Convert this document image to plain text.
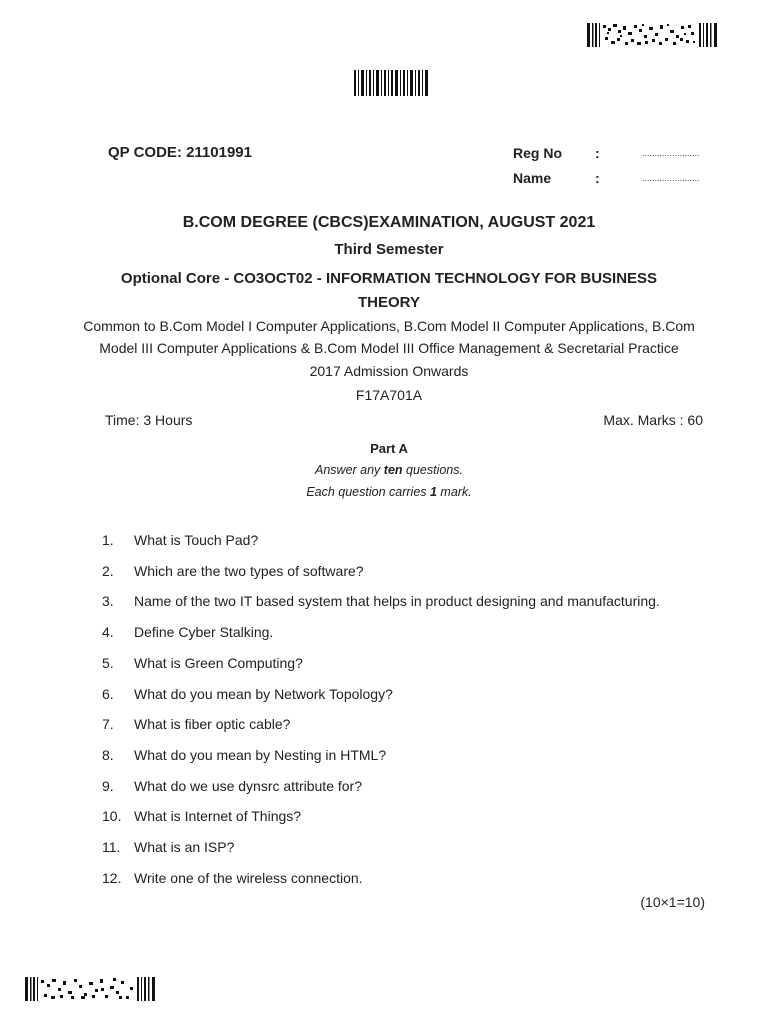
QP CODE: 21101991	Reg No :	.......................
Name	:	.......................
B.COM DEGREE (CBCS)EXAMINATION, AUGUST 2021
Third Semester
Optional Core - CO3OCT02 - INFORMATION TECHNOLOGY FOR BUSINESS
THEORY
Common to B.Com Model I Computer Applications, B.Com Model II Computer Applications, B.Com
Model III Computer Applications & B.Com Model III Office Management & Secretarial Practice
2017 Admission Onwards
F17A701A
Time: 3 Hours	Max. Marks : 60
Part A
Answer any ten questions.
Each question carries 1 mark.
1. What is Touch Pad?
2. Which are the two types of software?
3. Name of the two IT based system that helps in product designing and manufacturing.
4. Define Cyber Stalking.
5. What is Green Computing?
6. What do you mean by Network Topology?
7. What is fiber optic cable?
8. What do you mean by Nesting in HTML?
9. What do we use dynsrc attribute for?
10. What is Internet of Things?
11. What is an ISP?
12. Write one of the wireless connection.
(10×1=10)
